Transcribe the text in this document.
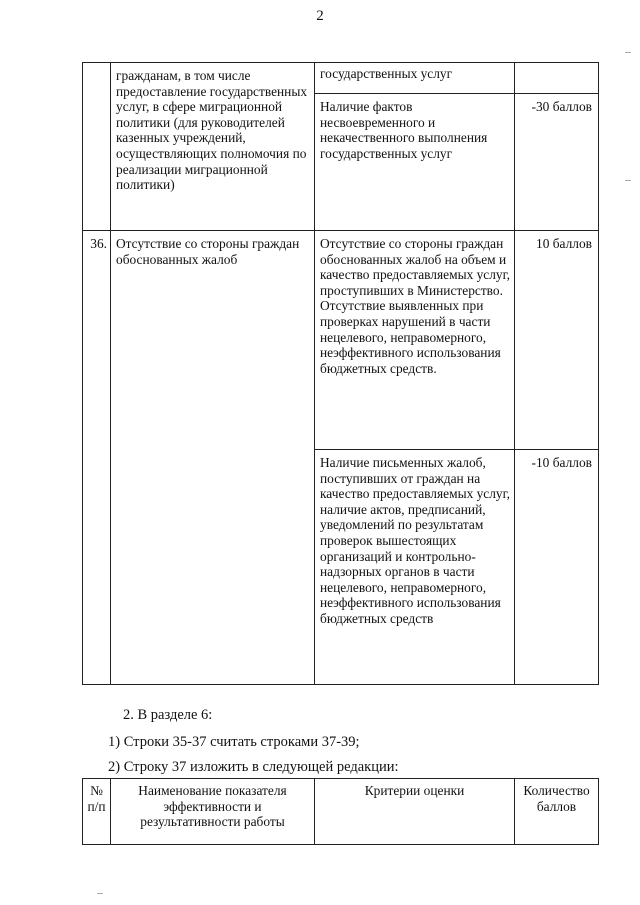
2

	гражданам, в том числе предоставление государственных услуг, в сфере миграционной политики (для руководителей казенных учреждений, осуществляющих полномочия по реализации миграционной политики)	государственных услуг	

		Наличие фактов несвоевременного и некачественного выполнения государственных услуг	-30 баллов
36.	Отсутствие со стороны граждан обоснованных жалоб	Отсутствие со стороны граждан обоснованных жалоб на объем и качество предоставляемых услуг, проступивших в Министерство. Отсутствие выявленных при проверках нарушений в части нецелевого, неправомерного, неэффективного использования бюджетных средств.	10 баллов

		Наличие письменных жалоб, поступивших от граждан на качество предоставляемых услуг, наличие актов, предписаний, уведомлений по результатам проверок вышестоящих организаций и контрольно-надзорных органов в части нецелевого, неправомерного, неэффективного использования бюджетных средств	-10 баллов
2. В разделе 6:
1) Строки 35-37 считать строками 37-39;
2) Строку 37 изложить в следующей редакции:
№ п/п	Наименование показателя эффективности и результативности работы	Критерии оценки	Количество баллов
